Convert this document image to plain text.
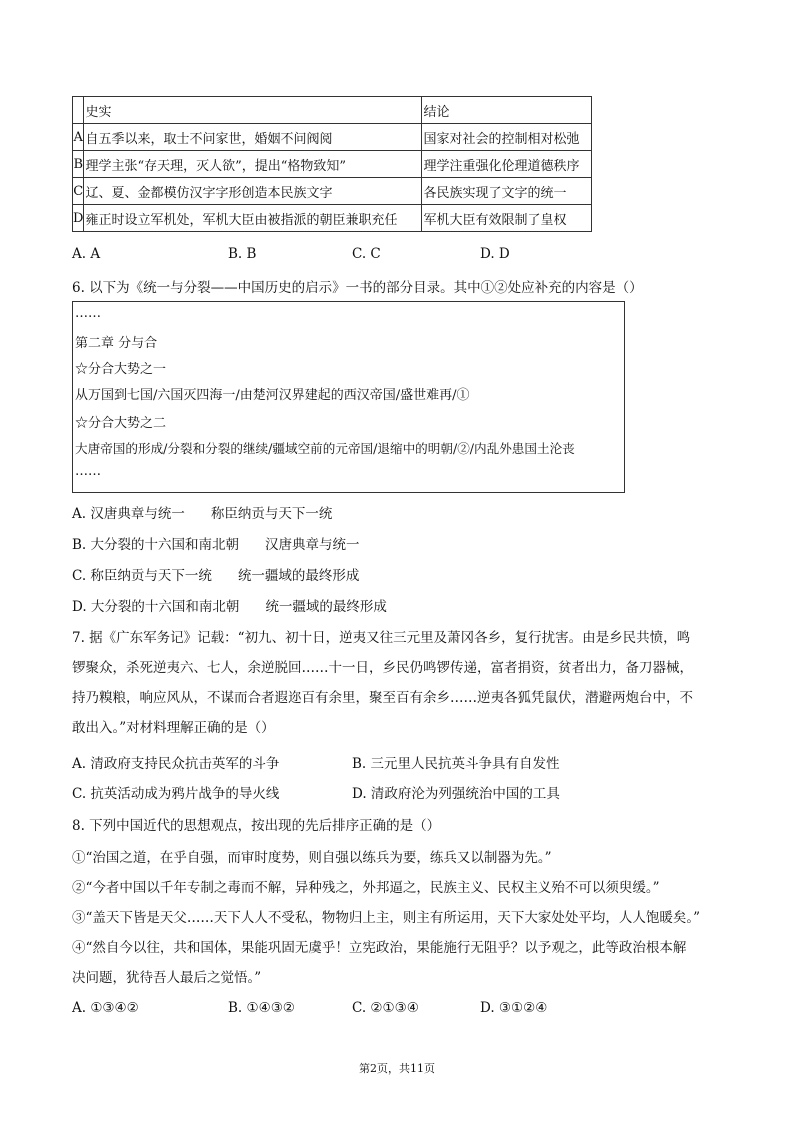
	史实	结论
A	自五季以来，取士不问家世，婚姻不问阀阅	国家对社会的控制相对松弛
B	理学主张“存天理，灭人欲”，提出“格物致知”	理学注重强化伦理道德秩序
C	辽、夏、金都模仿汉字字形创造本民族文字	各民族实现了文字的统一
D	雍正时设立军机处，军机大臣由被指派的朝臣兼职充任	军机大臣有效限制了皇权
A. A	B. B	C. C	D. D
6. 以下为《统一与分裂——中国历史的启示》一书的部分目录。其中①②处应补充的内容是（）
……
第二章 分与合
☆分合大势之一
从万国到七国/六国灭四海一/由楚河汉界建起的西汉帝国/盛世难再/①
☆分合大势之二
大唐帝国的形成/分裂和分裂的继续/疆域空前的元帝国/退缩中的明朝/②/内乱外患国土沦丧
……
A. 汉唐典章与统一 称臣纳贡与天下一统
B. 大分裂的十六国和南北朝 汉唐典章与统一
C. 称臣纳贡与天下一统 统一疆域的最终形成
D. 大分裂的十六国和南北朝 统一疆域的最终形成
7. 据《广东军务记》记载：“初九、初十日，逆夷又往三元里及萧冈各乡，复行扰害。由是乡民共愤，鸣
锣聚众，杀死逆夷六、七人，余逆脱回……十一日，乡民仍鸣锣传递，富者捐资，贫者出力，备刀器械，
持乃糗粮，响应风从，不谋而合者遐迩百有余里，聚至百有余乡……逆夷各狐凭鼠伏，潜避两炮台中，不
敢出入。”对材料理解正确的是（）
A. 清政府支持民众抗击英军的斗争	B. 三元里人民抗英斗争具有自发性
C. 抗英活动成为鸦片战争的导火线	D. 清政府沦为列强统治中国的工具
8. 下列中国近代的思想观点，按出现的先后排序正确的是（）
①“治国之道，在乎自强，而审时度势，则自强以练兵为要，练兵又以制器为先。”
②“今者中国以千年专制之毒而不解，异种残之，外邦逼之，民族主义、民权主义殆不可以须臾缓。”
③“盖天下皆是天父……天下人人不受私，物物归上主，则主有所运用，天下大家处处平均，人人饱暖矣。”
④“然自今以往，共和国体，果能巩固无虞乎！立宪政治，果能施行无阻乎？以予观之，此等政治根本解
决问题，犹待吾人最后之觉悟。”
A. ①③④②	B. ①④③②	C. ②①③④	D. ③①②④
第2页，共11页
